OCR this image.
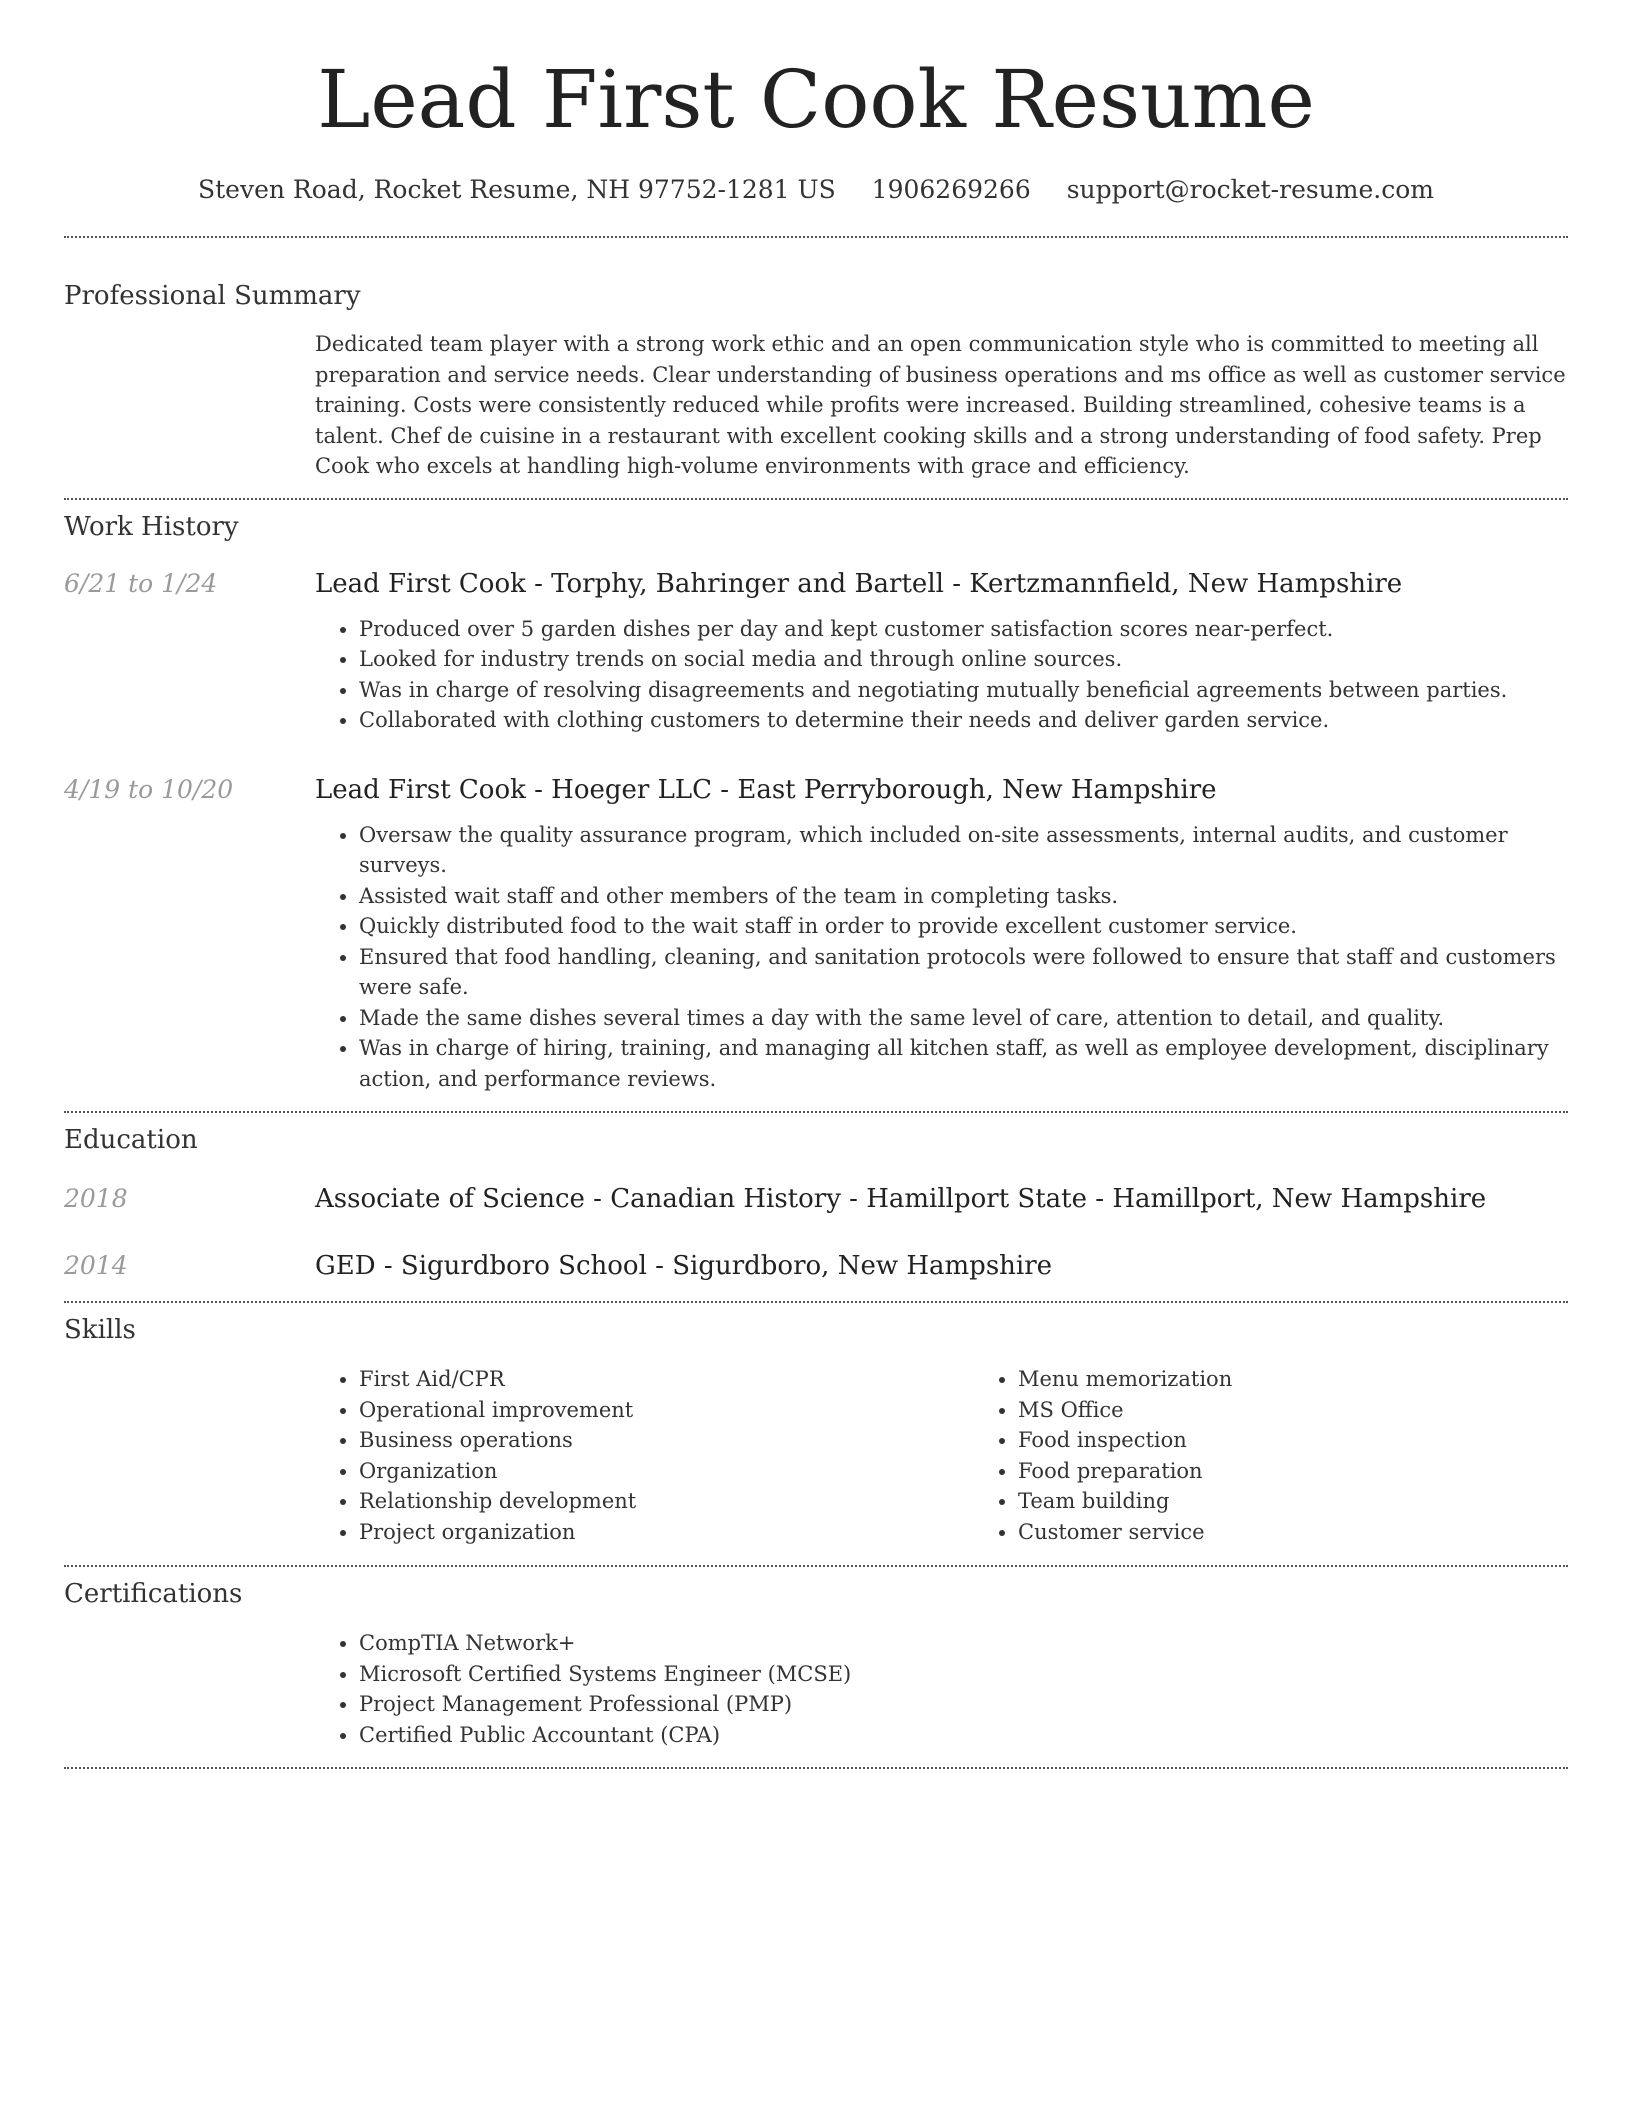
Lead First Cook Resume
Steven Road, Rocket Resume, NH 97752-1281 US 1906269266 support@rocket-resume.com
Professional Summary

Dedicated team player with a strong work ethic and an open communication style who is committed to meeting all preparation and service needs. Clear understanding of business operations and ms office as well as customer service training. Costs were consistently reduced while profits were increased. Building streamlined, cohesive teams is a talent. Chef de cuisine in a restaurant with excellent cooking skills and a strong understanding of food safety. Prep Cook who excels at handling high-volume environments with grace and efficiency.

Work History
6/21 to 1/24	Lead First Cook - Torphy, Bahringer and Bartell - Kertzmannfield, New Hampshire
• Produced over 5 garden dishes per day and kept customer satisfaction scores near-perfect.
• Looked for industry trends on social media and through online sources.
• Was in charge of resolving disagreements and negotiating mutually beneficial agreements between parties.
• Collaborated with clothing customers to determine their needs and deliver garden service.
4/19 to 10/20	Lead First Cook - Hoeger LLC - East Perryborough, New Hampshire
• Oversaw the quality assurance program, which included on-site assessments, internal audits, and customer surveys.
• Assisted wait staff and other members of the team in completing tasks.
• Quickly distributed food to the wait staff in order to provide excellent customer service.
• Ensured that food handling, cleaning, and sanitation protocols were followed to ensure that staff and customers were safe.
• Made the same dishes several times a day with the same level of care, attention to detail, and quality.
• Was in charge of hiring, training, and managing all kitchen staff, as well as employee development, disciplinary action, and performance reviews.
Education
2018	Associate of Science - Canadian History - Hamillport State - Hamillport, New Hampshire
2014	GED - Sigurdboro School - Sigurdboro, New Hampshire
Skills
• First Aid/CPR
• Operational improvement
• Business operations
• Organization
• Relationship development
• Project organization
• Menu memorization
• MS Office
• Food inspection
• Food preparation
• Team building
• Customer service
Certifications
• CompTIA Network+
• Microsoft Certified Systems Engineer (MCSE)
• Project Management Professional (PMP)
• Certified Public Accountant (CPA)
